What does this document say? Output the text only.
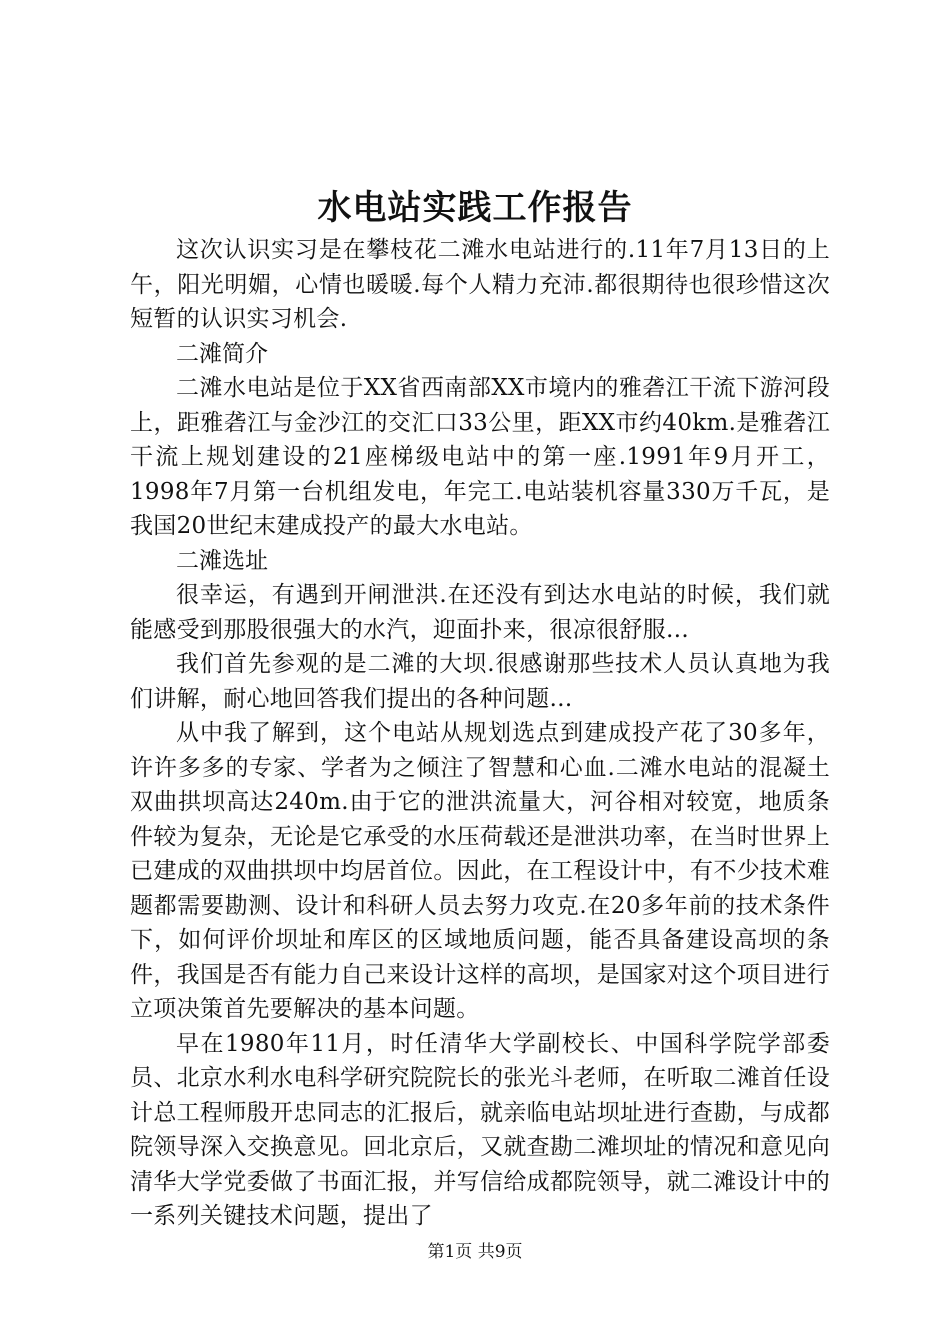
水电站实践工作报告

这次认识实习是在攀枝花二滩水电站进行的.11年7月13日的上午，阳光明媚，心情也暖暖.每个人精力充沛.都很期待也很珍惜这次短暂的认识实习机会.

二滩简介

二滩水电站是位于XX省西南部XX市境内的雅砻江干流下游河段上，距雅砻江与金沙江的交汇口33公里，距XX市约40km.是雅砻江干流上规划建设的21座梯级电站中的第一座.1991年9月开工，1998年7月第一台机组发电，年完工.电站装机容量330万千瓦，是我国20世纪末建成投产的最大水电站。

二滩选址

很幸运，有遇到开闸泄洪.在还没有到达水电站的时候，我们就能感受到那股很强大的水汽，迎面扑来，很凉很舒服…

我们首先参观的是二滩的大坝.很感谢那些技术人员认真地为我们讲解，耐心地回答我们提出的各种问题…

从中我了解到，这个电站从规划选点到建成投产花了30多年，许许多多的专家、学者为之倾注了智慧和心血.二滩水电站的混凝土双曲拱坝高达240m.由于它的泄洪流量大，河谷相对较宽，地质条件较为复杂，无论是它承受的水压荷载还是泄洪功率，在当时世界上已建成的双曲拱坝中均居首位。因此，在工程设计中，有不少技术难题都需要勘测、设计和科研人员去努力攻克.在20多年前的技术条件下，如何评价坝址和库区的区域地质问题，能否具备建设高坝的条件，我国是否有能力自己来设计这样的高坝，是国家对这个项目进行立项决策首先要解决的基本问题。

早在1980年11月，时任清华大学副校长、中国科学院学部委员、北京水利水电科学研究院院长的张光斗老师，在听取二滩首任设计总工程师殷开忠同志的汇报后，就亲临电站坝址进行查勘，与成都院领导深入交换意见。回北京后，又就查勘二滩坝址的情况和意见向清华大学党委做了书面汇报，并写信给成都院领导，就二滩设计中的一系列关键技术问题，提出了

第1页 共9页
